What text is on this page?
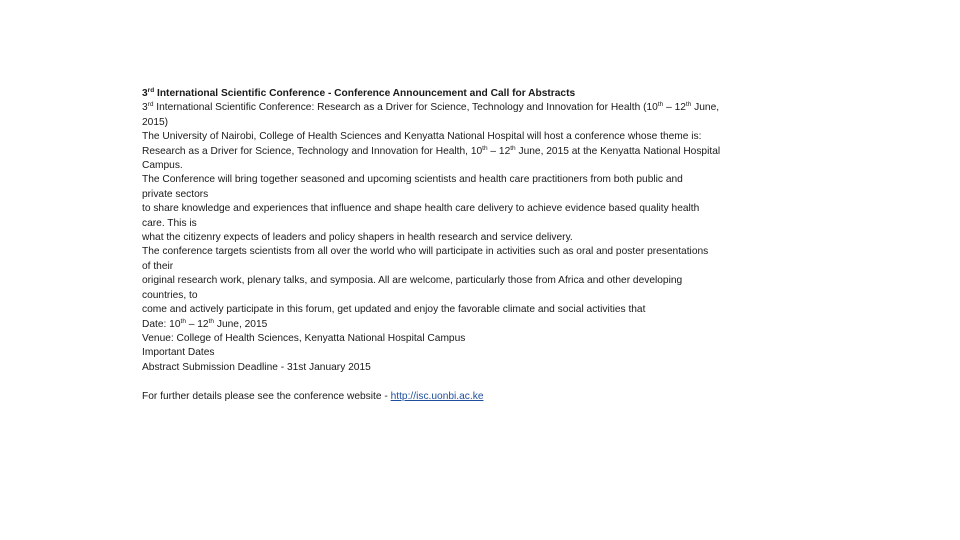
3rd International Scientific Conference - Conference Announcement and Call for Abstracts

3rd International Scientific Conference: Research as a Driver for Science, Technology and Innovation for Health (10th – 12th June,

2015)

The University of Nairobi, College of Health Sciences and Kenyatta National Hospital will host a conference whose theme is:

Research as a Driver for Science, Technology and Innovation for Health, 10th – 12th June, 2015 at the Kenyatta National Hospital

Campus.

The Conference will bring together seasoned and upcoming scientists and health care practitioners from both public and

private sectors

to share knowledge and experiences that influence and shape health care delivery to achieve evidence based quality health

care. This is

what the citizenry expects of leaders and policy shapers in health research and service delivery.

The conference targets scientists from all over the world who will participate in activities such as oral and poster presentations

of their

original research work, plenary talks, and symposia. All are welcome, particularly those from Africa and other developing

countries, to

come and actively participate in this forum, get updated and enjoy the favorable climate and social activities that

Date: 10th – 12th June, 2015

Venue: College of Health Sciences, Kenyatta National Hospital Campus

Important Dates

Abstract Submission Deadline - 31st January 2015

For further details please see the conference website - http://isc.uonbi.ac.ke
